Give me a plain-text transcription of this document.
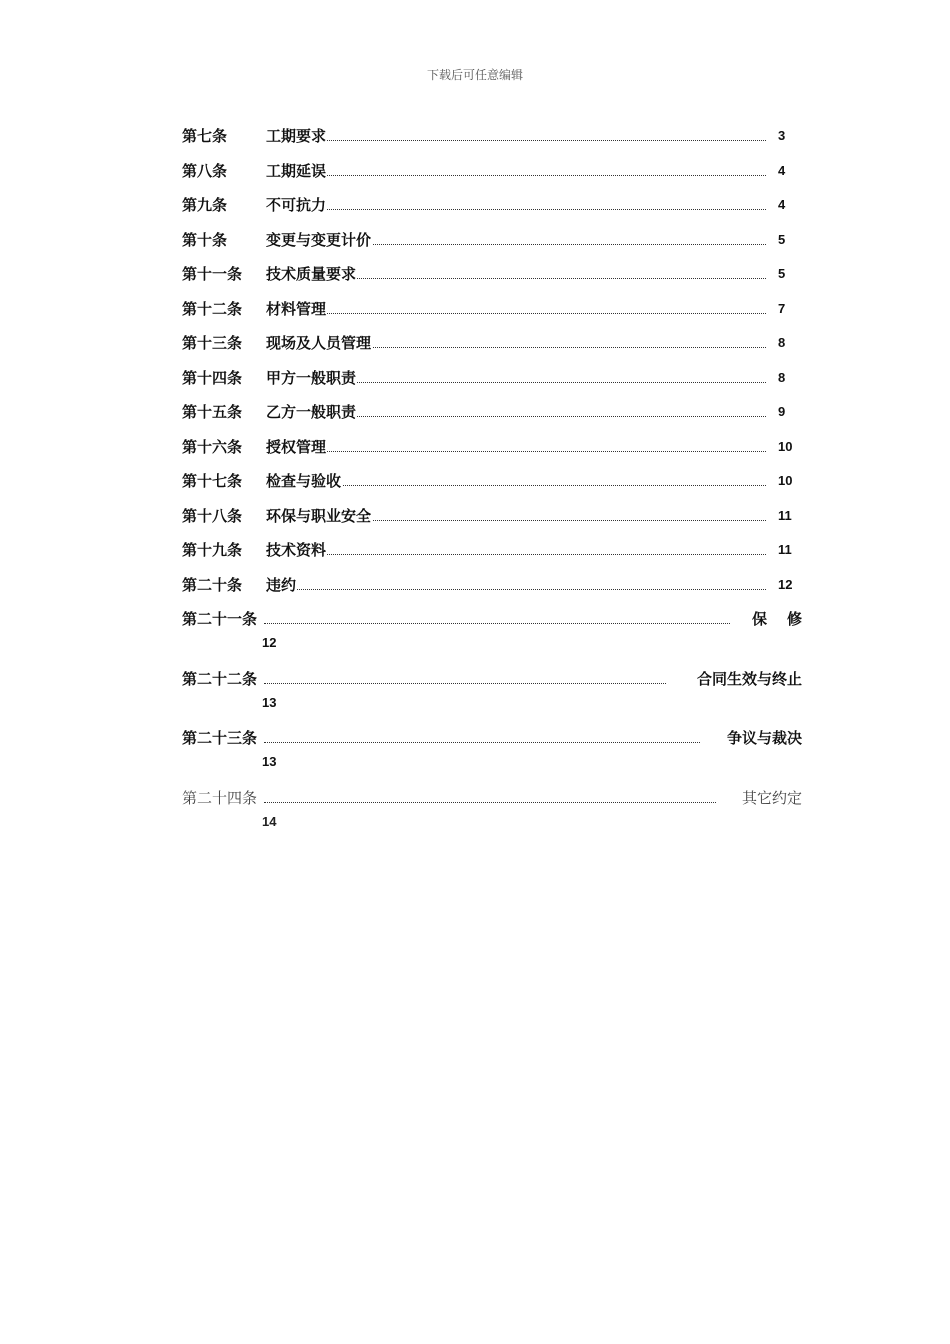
下载后可任意编辑
第七条	工期要求	3
第八条	工期延误	4
第九条	不可抗力	4
第十条	变更与变更计价	5
第十一条 技术质量要求	5
第十二条 材料管理	7
第十三条 现场及人员管理	8
第十四条 甲方一般职责	8
第十五条 乙方一般职责	9
第十六条 授权管理	10
第十七条 检查与验收	10
第十八条 环保与职业安全	11
第十九条 技术资料	11
第二十条 违约	12
第二十一条	保修
12
第二十二条	合同生效与终止
13
第二十三条	争议与裁决
13
第二十四条	其它约定
14
